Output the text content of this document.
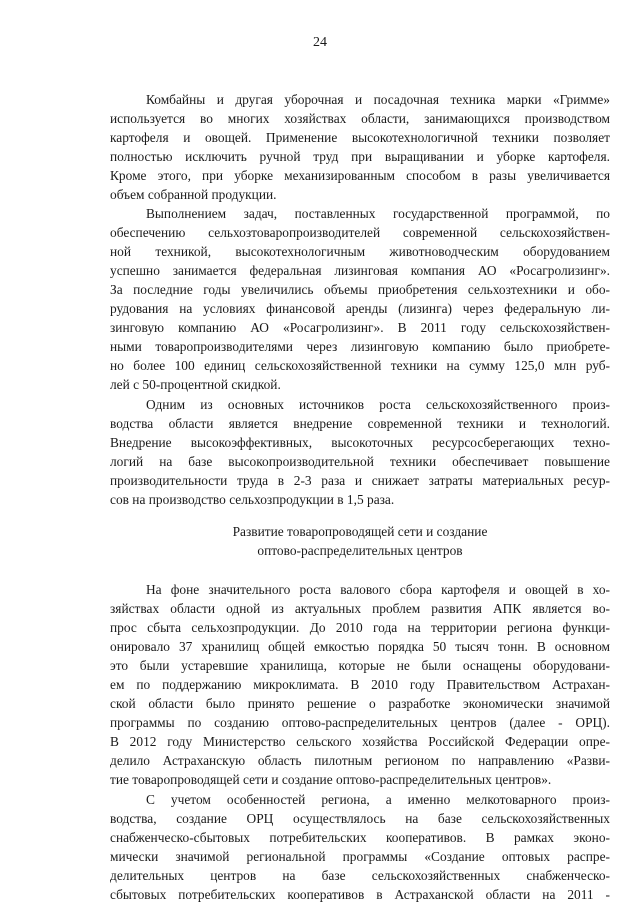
24
Комбайны и другая уборочная и посадочная техника марки «Гримме»
используется во многих хозяйствах области, занимающихся производством
картофеля и овощей. Применение высокотехнологичной техники позволяет
полностью исключить ручной труд при выращивании и уборке картофеля.
Кроме этого, при уборке механизированным способом в разы увеличивается
объем собранной продукции.
Выполнением задач, поставленных государственной программой, по
обеспечению сельхозтоваропроизводителей современной сельскохозяйствен-
ной техникой, высокотехнологичным животноводческим оборудованием
успешно занимается федеральная лизинговая компания АО «Росагролизинг».
За последние годы увеличились объемы приобретения сельхозтехники и обо-
рудования на условиях финансовой аренды (лизинга) через федеральную ли-
зинговую компанию АО «Росагролизинг». В 2011 году сельскохозяйствен-
ными товаропроизводителями через лизинговую компанию было приобрете-
но более 100 единиц сельскохозяйственной техники на сумму 125,0 млн руб-
лей с 50-процентной скидкой.
Одним из основных источников роста сельскохозяйственного произ-
водства области является внедрение современной техники и технологий.
Внедрение высокоэффективных, высокоточных ресурсосберегающих техно-
логий на базе высокопроизводительной техники обеспечивает повышение
производительности труда в 2-3 раза и снижает затраты материальных ресур-
сов на производство сельхозпродукции в 1,5 раза.
Развитие товаропроводящей сети и создание
оптово-распределительных центров
На фоне значительного роста валового сбора картофеля и овощей в хо-
зяйствах области одной из актуальных проблем развития АПК является во-
прос сбыта сельхозпродукции. До 2010 года на территории региона функци-
онировало 37 хранилищ общей емкостью порядка 50 тысяч тонн. В основном
это были устаревшие хранилища, которые не были оснащены оборудовани-
ем по поддержанию микроклимата. В 2010 году Правительством Астрахан-
ской области было принято решение о разработке экономически значимой
программы по созданию оптово-распределительных центров (далее - ОРЦ).
В 2012 году Министерство сельского хозяйства Российской Федерации опре-
делило Астраханскую область пилотным регионом по направлению «Разви-
тие товаропроводящей сети и создание оптово-распределительных центров».
С учетом особенностей региона, а именно мелкотоварного произ-
водства, создание ОРЦ осуществлялось на базе сельскохозяйственных
снабженческо-сбытовых потребительских кооперативов. В рамках эконо-
мически значимой региональной программы «Создание оптовых распре-
делительных центров на базе сельскохозяйственных снабженческо-
сбытовых потребительских кооперативов в Астраханской области на 2011 -
